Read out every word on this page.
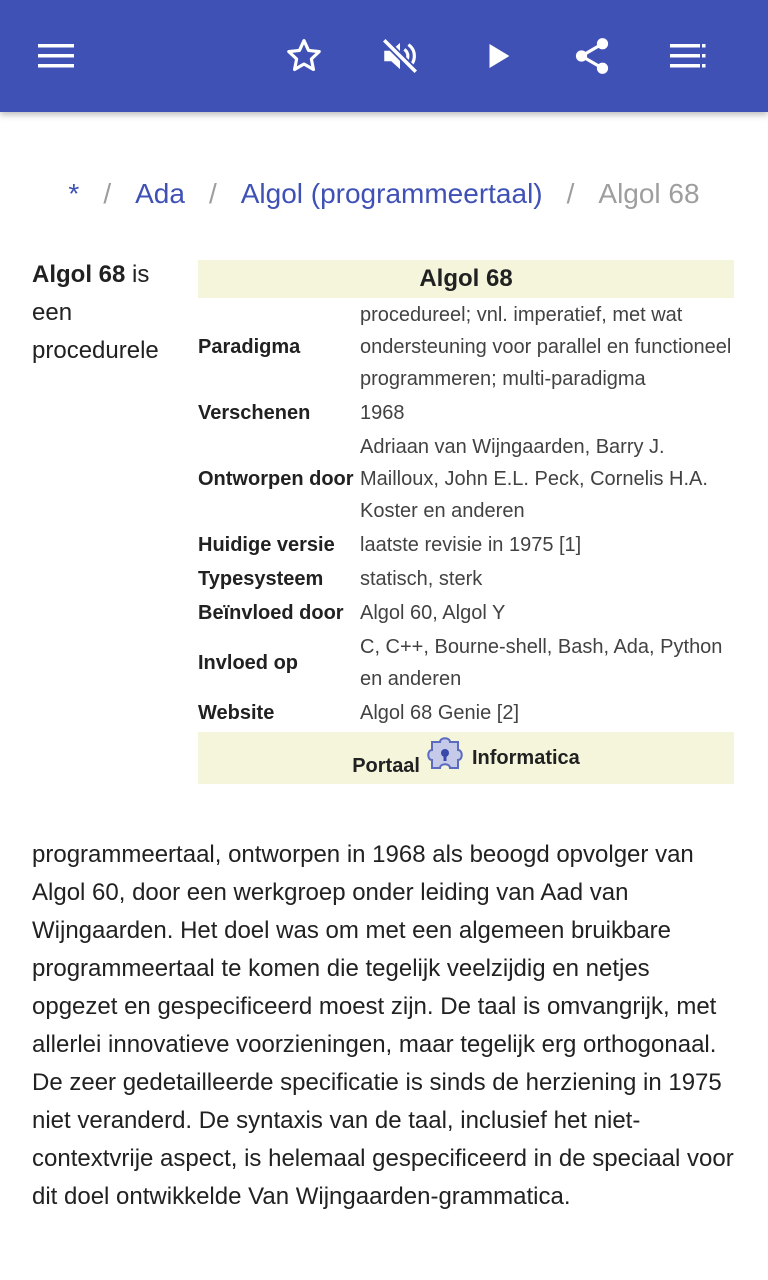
* / Ada / Algol (programmeertaal) / Algol 68
Algol 68 is een procedurele
Algol 68	
Paradigma	procedureel; vnl. imperatief, met wat ondersteuning voor parallel en functioneel programmeren; multi-paradigma
Verschenen	1968
Ontworpen door	Adriaan van Wijngaarden, Barry J. Mailloux, John E.L. Peck, Cornelis H.A. Koster en anderen
Huidige versie	laatste revisie in 1975 [1]
Typesysteem	statisch, sterk
Beïnvloed door	Algol 60, Algol Y
Invloed op	C, C++, Bourne-shell, Bash, Ada, Python en anderen
Website	Algol 68 Genie [2]

Portaal Informatica	
programmeertaal, ontworpen in 1968 als beoogd opvolger van Algol 60, door een werkgroep onder leiding van Aad van Wijngaarden. Het doel was om met een algemeen bruikbare programmeertaal te komen die tegelijk veelzijdig en netjes opgezet en gespecificeerd moest zijn. De taal is omvangrijk, met allerlei innovatieve voorzieningen, maar tegelijk erg orthogonaal. De zeer gedetailleerde specificatie is sinds de herziening in 1975 niet veranderd. De syntaxis van de taal, inclusief het niet-contextvrije aspect, is helemaal gespecificeerd in de speciaal voor dit doel ontwikkelde Van Wijngaarden-grammatica.
